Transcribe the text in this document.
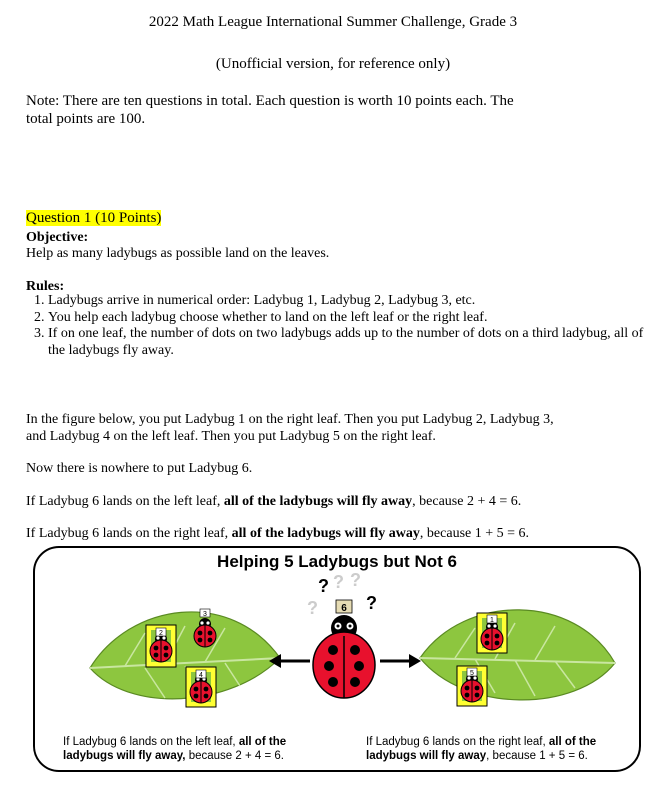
2022 Math League International Summer Challenge, Grade 3
(Unofficial version, for reference only)
Note: There are ten questions in total. Each question is worth 10 points each. The
total points are 100.
Question 1 (10 Points)
Objective:
Help as many ladybugs as possible land on the leaves.
Rules:
1. Ladybugs arrive in numerical order: Ladybug 1, Ladybug 2, Ladybug 3, etc.
2. You help each ladybug choose whether to land on the left leaf or the right leaf.
3. If on one leaf, the number of dots on two ladybugs adds up to the number of dots on a third ladybug, all of the ladybugs fly away.
In the figure below, you put Ladybug 1 on the right leaf. Then you put Ladybug 2, Ladybug 3,
and Ladybug 4 on the left leaf. Then you put Ladybug 5 on the right leaf.
Now there is nowhere to put Ladybug 6.
If Ladybug 6 lands on the left leaf, all of the ladybugs will fly away, because 2 + 4 = 6.
If Ladybug 6 lands on the right leaf, all of the ladybugs will fly away, because 1 + 5 = 6.
Helping 5 Ladybugs but Not 6
2
3
4
1
5
6
? ? ?
?	?
If Ladybug 6 lands on the left leaf, all of the
ladybugs will fly away, because 2 + 4 = 6.
If Ladybug 6 lands on the right leaf, all of the
ladybugs will fly away, because 1 + 5 = 6.
